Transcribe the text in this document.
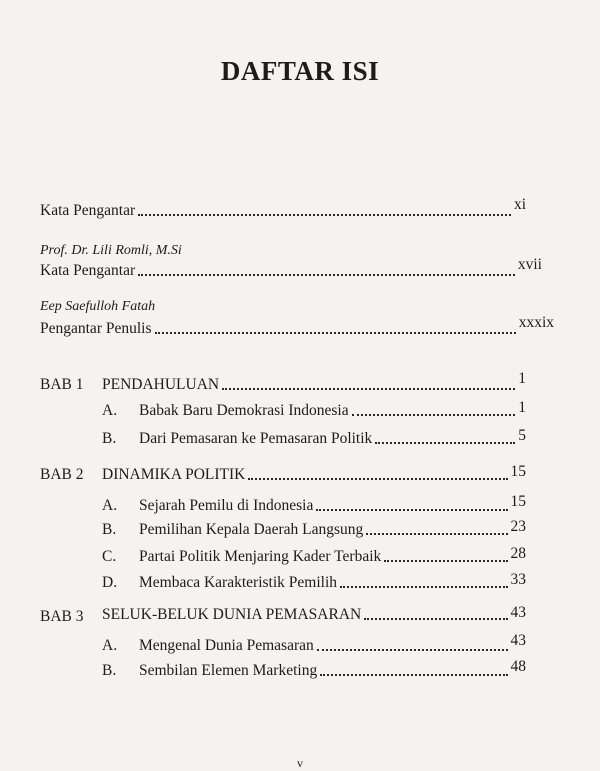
DAFTAR ISI
Kata Pengantar	xi
Prof. Dr. Lili Romli, M.Si
Kata Pengantar	xvii
Eep Saefulloh Fatah
Pengantar Penulis	xxxix
BAB 1 PENDAHULUAN	1
A.	Babak Baru Demokrasi Indonesia	1
B.	Dari Pemasaran ke Pemasaran Politik	5
BAB 2 DINAMIKA POLITIK	15
A.	Sejarah Pemilu di Indonesia	15
B.	Pemilihan Kepala Daerah Langsung	23
C.	Partai Politik Menjaring Kader Terbaik	28
D.	Membaca Karakteristik Pemilih	33
BAB 3 SELUK-BELUK DUNIA PEMASARAN	43
A.	Mengenal Dunia Pemasaran	43
B.	Sembilan Elemen Marketing	48
v
